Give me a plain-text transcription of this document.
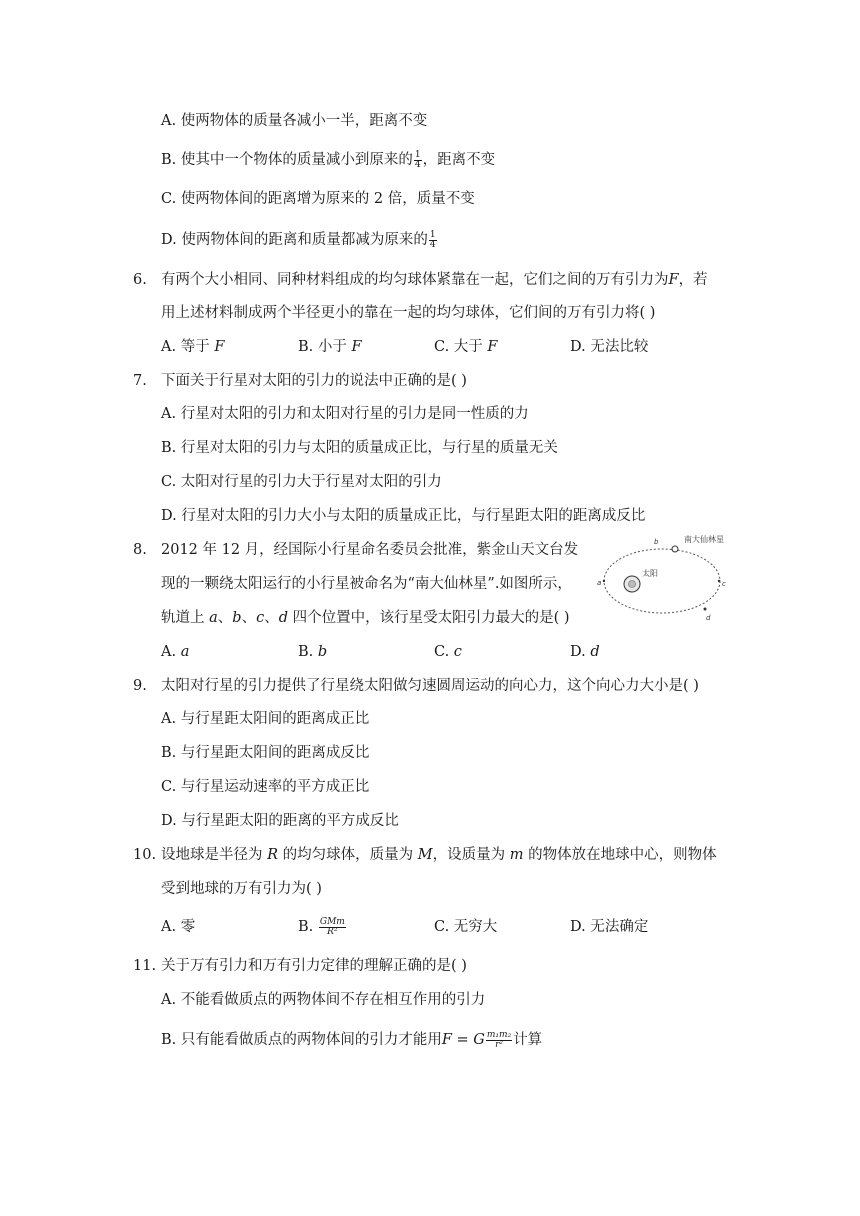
A. 使两物体的质量各减小一半，距离不变
B. 使其中一个物体的质量减小到原来的 $\frac{1}{4}$ ，距离不变
C. 使两物体间的距离增为原来的 2 倍，质量不变
D. 使两物体间的距离和质量都减为原来的 $\frac{1}{4}$
6. 有两个大小相同、同种材料组成的均匀球体紧靠在一起，它们之间的万有引力为F，若
用上述材料制成两个半径更小的靠在一起的均匀球体，它们间的万有引力将( )
A. 等于 F	B. 小于 F	C. 大于 F	D. 无法比较
7. 下面关于行星对太阳的引力的说法中正确的是( )
A. 行星对太阳的引力和太阳对行星的引力是同一性质的力
B. 行星对太阳的引力与太阳的质量成正比，与行星的质量无关
C. 太阳对行星的引力大于行星对太阳的引力
D. 行星对太阳的引力大小与太阳的质量成正比，与行星距太阳的距离成反比
8. 2012 年 12 月，经国际小行星命名委员会批准，紫金山天文台发
现的一颗绕太阳运行的小行星被命名为“南大仙林星”.如图所示，
轨道上 a、b、c、d 四个位置中，该行星受太阳引力最大的是( )
太阳
南大仙林星
a
b
c
d
A. a	B. b	C. c	D. d
9. 太阳对行星的引力提供了行星绕太阳做匀速圆周运动的向心力，这个向心力大小是( )
A. 与行星距太阳间的距离成正比
B. 与行星距太阳间的距离成反比
C. 与行星运动速率的平方成正比
D. 与行星距太阳的距离的平方成反比
10. 设地球是半径为 R 的均匀球体，质量为 M，设质量为 m 的物体放在地球中心，则物体
受到地球的万有引力为( )
A. 零	B. $\frac{\text{GMm}}{\text{R²}}$	C. 无穷大	D. 无法确定
11. 关于万有引力和万有引力定律的理解正确的是( )
A. 不能看做质点的两物体间不存在相互作用的引力
B. 只有能看做质点的两物体间的引力才能用F = G $\frac{\text{m₁m₂}}{\text{r²}}$ 计算
